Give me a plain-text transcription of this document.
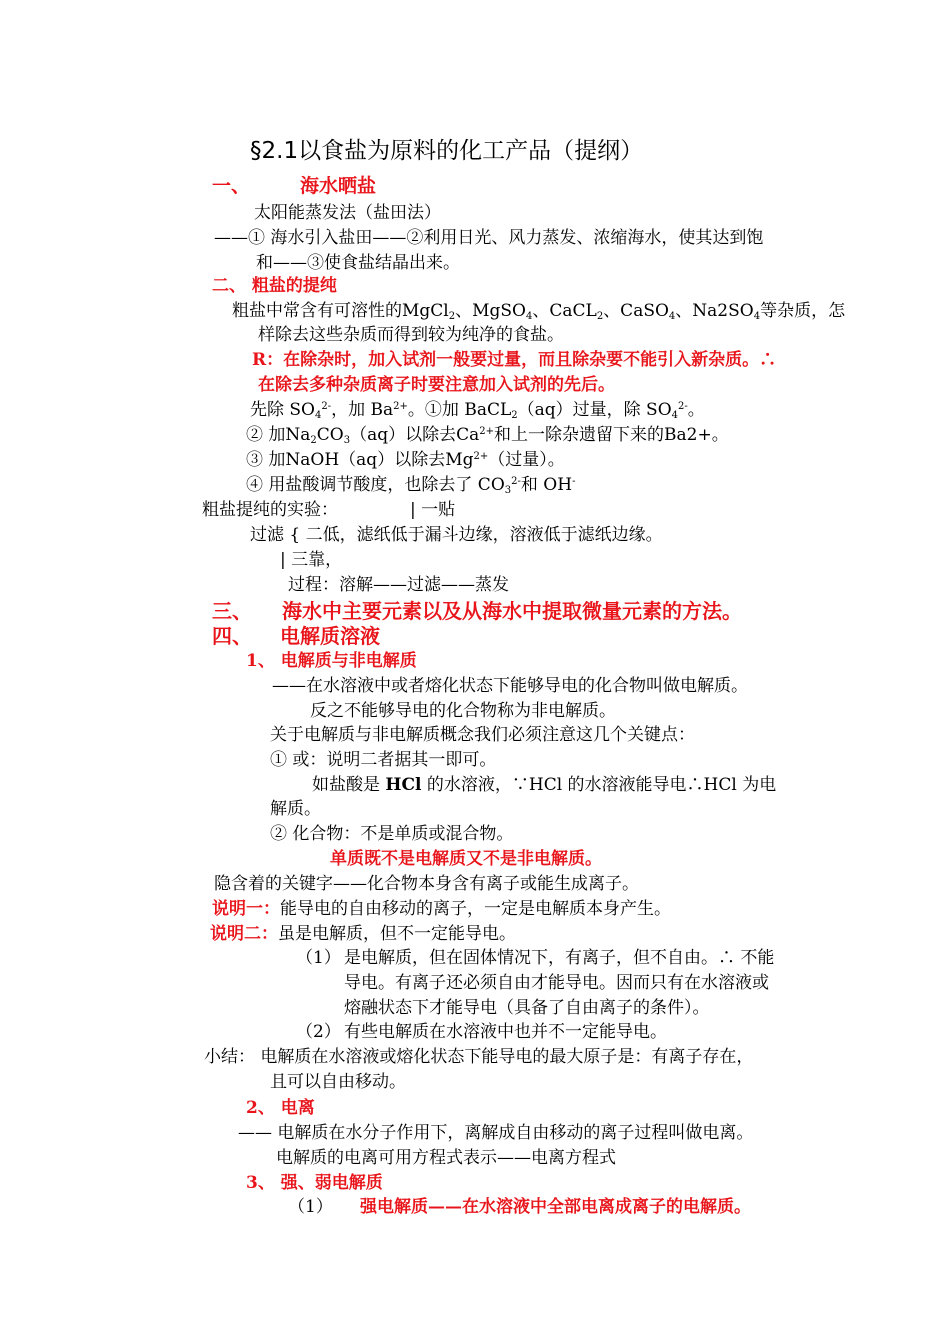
§2.1以食盐为原料的化工产品（提纲）
一、	海水晒盐
太阳能蒸发法（盐田法）
——① 海水引入盐田——②利用日光、风力蒸发、浓缩海水，使其达到饱
和——③使食盐结晶出来。
二、 粗盐的提纯
粗盐中常含有可溶性的MgCl$_2$、MgSO$_4$、CaCL$_2$、CaSO$_4$、$Na2SO_4$等杂质，怎
样除去这些杂质而得到较为纯净的食盐。
R：在除杂时，加入试剂一般要过量，而且除杂要不能引入新杂质。∴
在除去多种杂质离子时要注意加入试剂的先后。
先除 $SO_4^{2-}$，加 $Ba^{2+}$。①加 BaCL$_2$（aq）过量，除 $SO_4^{2-}$。
② 加$Na_2CO_3(aq)$以除去$Ca^{2+}$和上一除杂遗留下来的Ba2+。
③ 加NaOH（aq）以除去$Mg^{2+}$（过量）。
④ 用盐酸调节酸度，也除去了 $CO_3^{2-}$和 OH-
粗盐提纯的实验：	| 一贴
过滤 { 二低，滤纸低于漏斗边缘，溶液低于滤纸边缘。
| 三靠，
过程：溶解——过滤——蒸发
三、 海水中主要元素以及从海水中提取微量元素的方法。
四、 电解质溶液
1、 电解质与非电解质
——在水溶液中或者熔化状态下能够导电的化合物叫做电解质。
反之不能够导电的化合物称为非电解质。
关于电解质与非电解质概念我们必须注意这几个关键点：
① 或：说明二者据其一即可。
如盐酸是 HCl 的水溶液，∵HCl 的水溶液能导电∴HCl 为电
解质。
② 化合物：不是单质或混合物。
单质既不是电解质又不是非电解质。
隐含着的关键字——化合物本身含有离子或能生成离子。
说明一：能导电的自由移动的离子，一定是电解质本身产生。
说明二：虽是电解质，但不一定能导电。
（1） 是电解质，但在固体情况下，有离子，但不自由。∴ 不能
导电。有离子还必须自由才能导电。因而只有在水溶液或
熔融状态下才能导电（具备了自由离子的条件）。
（2） 有些电解质在水溶液中也并不一定能导电。
小结： 电解质在水溶液或熔化状态下能导电的最大原子是：有离子存在，
且可以自由移动。
2、 电离
—— 电解质在水分子作用下，离解成自由移动的离子过程叫做电离。
电解质的电离可用方程式表示——电离方程式
3、 强、弱电解质
（1） 强电解质——在水溶液中全部电离成离子的电解质。
